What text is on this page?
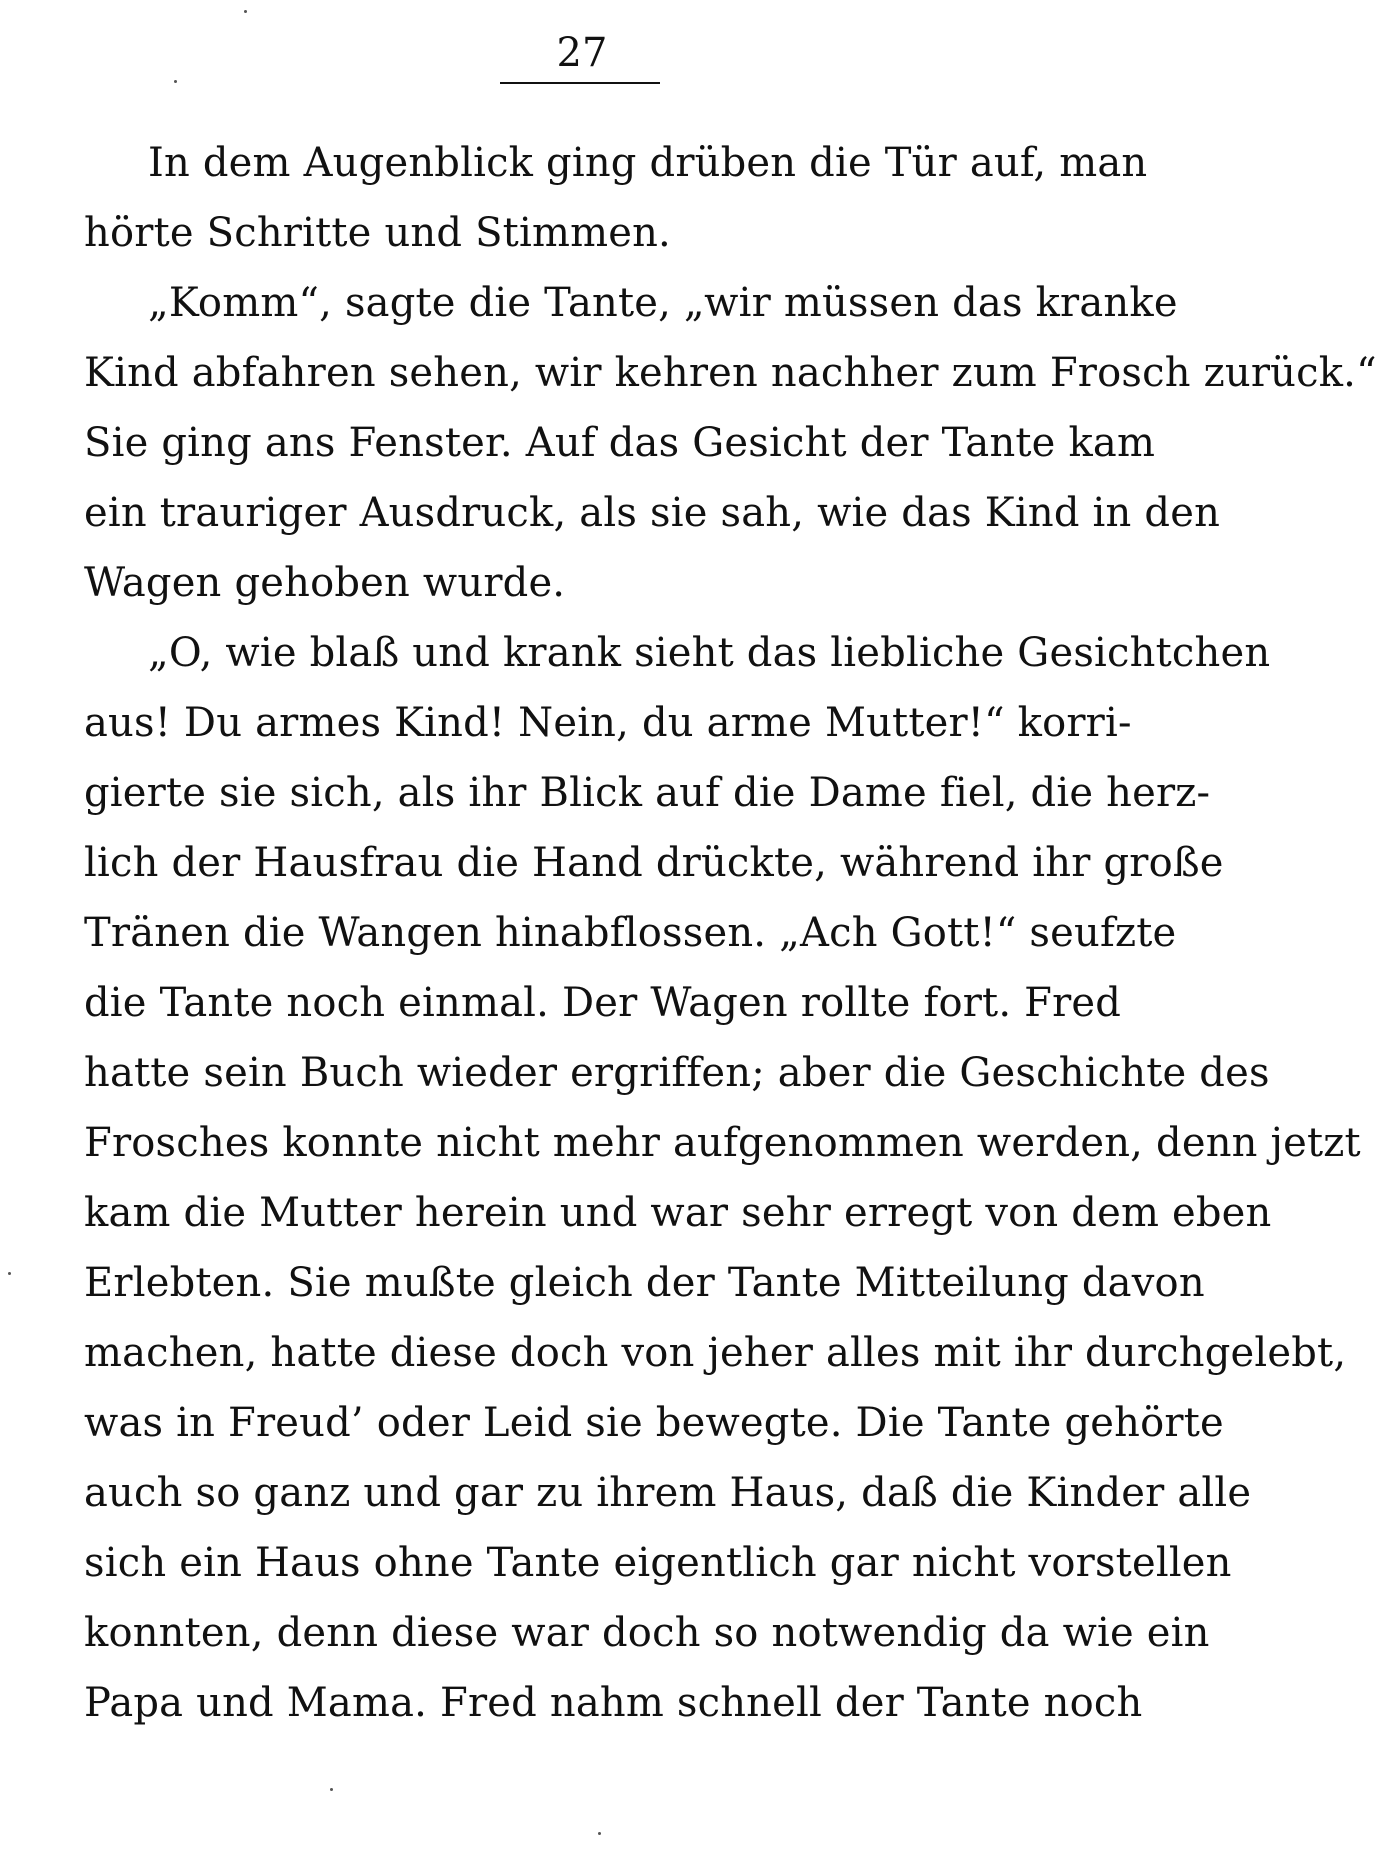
27
In dem Augenblick ging drüben die Tür auf, man
hörte Schritte und Stimmen.
„Komm“, sagte die Tante, „wir müssen das kranke
Kind abfahren sehen, wir kehren nachher zum Frosch zurück.“
Sie ging ans Fenster. Auf das Gesicht der Tante kam
ein trauriger Ausdruck, als sie sah, wie das Kind in den
Wagen gehoben wurde.
„O, wie blaß und krank sieht das liebliche Gesichtchen
aus! Du armes Kind! Nein, du arme Mutter!“ korri-
gierte sie sich, als ihr Blick auf die Dame fiel, die herz-
lich der Hausfrau die Hand drückte, während ihr große
Tränen die Wangen hinabflossen. „Ach Gott!“ seufzte
die Tante noch einmal. Der Wagen rollte fort. Fred
hatte sein Buch wieder ergriffen; aber die Geschichte des
Frosches konnte nicht mehr aufgenommen werden, denn jetzt
kam die Mutter herein und war sehr erregt von dem eben
Erlebten. Sie mußte gleich der Tante Mitteilung davon
machen, hatte diese doch von jeher alles mit ihr durchgelebt,
was in Freud’ oder Leid sie bewegte. Die Tante gehörte
auch so ganz und gar zu ihrem Haus, daß die Kinder alle
sich ein Haus ohne Tante eigentlich gar nicht vorstellen
konnten, denn diese war doch so notwendig da wie ein
Papa und Mama. Fred nahm schnell der Tante noch
